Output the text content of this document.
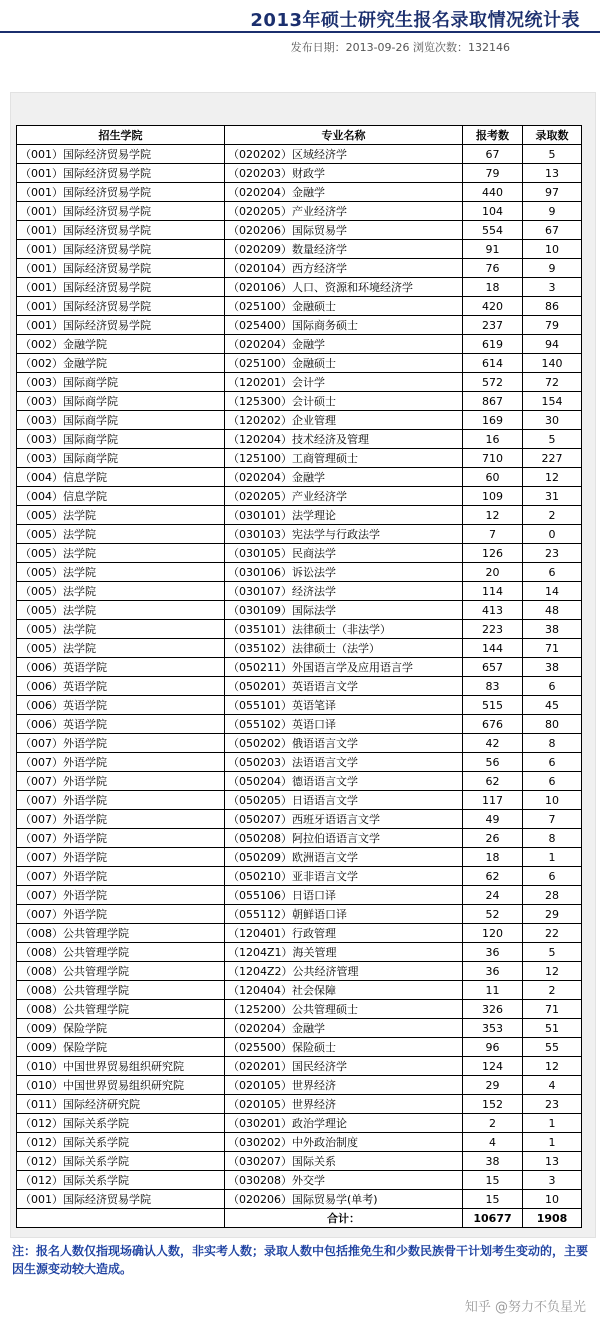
2013年硕士研究生报名录取情况统计表
发布日期：2013-09-26 浏览次数：132146
招生学院	专业名称	报考数	录取数
（001）国际经济贸易学院	（020202）区域经济学	67	5
（001）国际经济贸易学院	（020203）财政学	79	13
（001）国际经济贸易学院	（020204）金融学	440	97
（001）国际经济贸易学院	（020205）产业经济学	104	9
（001）国际经济贸易学院	（020206）国际贸易学	554	67
（001）国际经济贸易学院	（020209）数量经济学	91	10
（001）国际经济贸易学院	（020104）西方经济学	76	9
（001）国际经济贸易学院	（020106）人口、资源和环境经济学	18	3
（001）国际经济贸易学院	（025100）金融硕士	420	86
（001）国际经济贸易学院	（025400）国际商务硕士	237	79
（002）金融学院	（020204）金融学	619	94
（002）金融学院	（025100）金融硕士	614	140
（003）国际商学院	（120201）会计学	572	72
（003）国际商学院	（125300）会计硕士	867	154
（003）国际商学院	（120202）企业管理	169	30
（003）国际商学院	（120204）技术经济及管理	16	5
（003）国际商学院	（125100）工商管理硕士	710	227
（004）信息学院	（020204）金融学	60	12
（004）信息学院	（020205）产业经济学	109	31
（005）法学院	（030101）法学理论	12	2
（005）法学院	（030103）宪法学与行政法学	7	0
（005）法学院	（030105）民商法学	126	23
（005）法学院	（030106）诉讼法学	20	6
（005）法学院	（030107）经济法学	114	14
（005）法学院	（030109）国际法学	413	48
（005）法学院	（035101）法律硕士（非法学）	223	38
（005）法学院	（035102）法律硕士（法学）	144	71
（006）英语学院	（050211）外国语言学及应用语言学	657	38
（006）英语学院	（050201）英语语言文学	83	6
（006）英语学院	（055101）英语笔译	515	45
（006）英语学院	（055102）英语口译	676	80
（007）外语学院	（050202）俄语语言文学	42	8
（007）外语学院	（050203）法语语言文学	56	6
（007）外语学院	（050204）德语语言文学	62	6
（007）外语学院	（050205）日语语言文学	117	10
（007）外语学院	（050207）西班牙语语言文学	49	7
（007）外语学院	（050208）阿拉伯语语言文学	26	8
（007）外语学院	（050209）欧洲语言文学	18	1
（007）外语学院	（050210）亚非语言文学	62	6
（007）外语学院	（055106）日语口译	24	28
（007）外语学院	（055112）朝鲜语口译	52	29
（008）公共管理学院	（120401）行政管理	120	22
（008）公共管理学院	（1204Z1）海关管理	36	5
（008）公共管理学院	（1204Z2）公共经济管理	36	12
（008）公共管理学院	（120404）社会保障	11	2
（008）公共管理学院	（125200）公共管理硕士	326	71
（009）保险学院	（020204）金融学	353	51
（009）保险学院	（025500）保险硕士	96	55
（010）中国世界贸易组织研究院	（020201）国民经济学	124	12
（010）中国世界贸易组织研究院	（020105）世界经济	29	4
（011）国际经济研究院	（020105）世界经济	152	23
（012）国际关系学院	（030201）政治学理论	2	1
（012）国际关系学院	（030202）中外政治制度	4	1
（012）国际关系学院	（030207）国际关系	38	13
（012）国际关系学院	（030208）外交学	15	3
（001）国际经济贸易学院	（020206）国际贸易学(单考)	15	10
	合计：	10677	1908
注：报名人数仅指现场确认人数，非实考人数；录取人数中包括推免生和少数民族骨干计划考生变动的，主要因生源变动较大造成。
知乎 @努力不负星光
